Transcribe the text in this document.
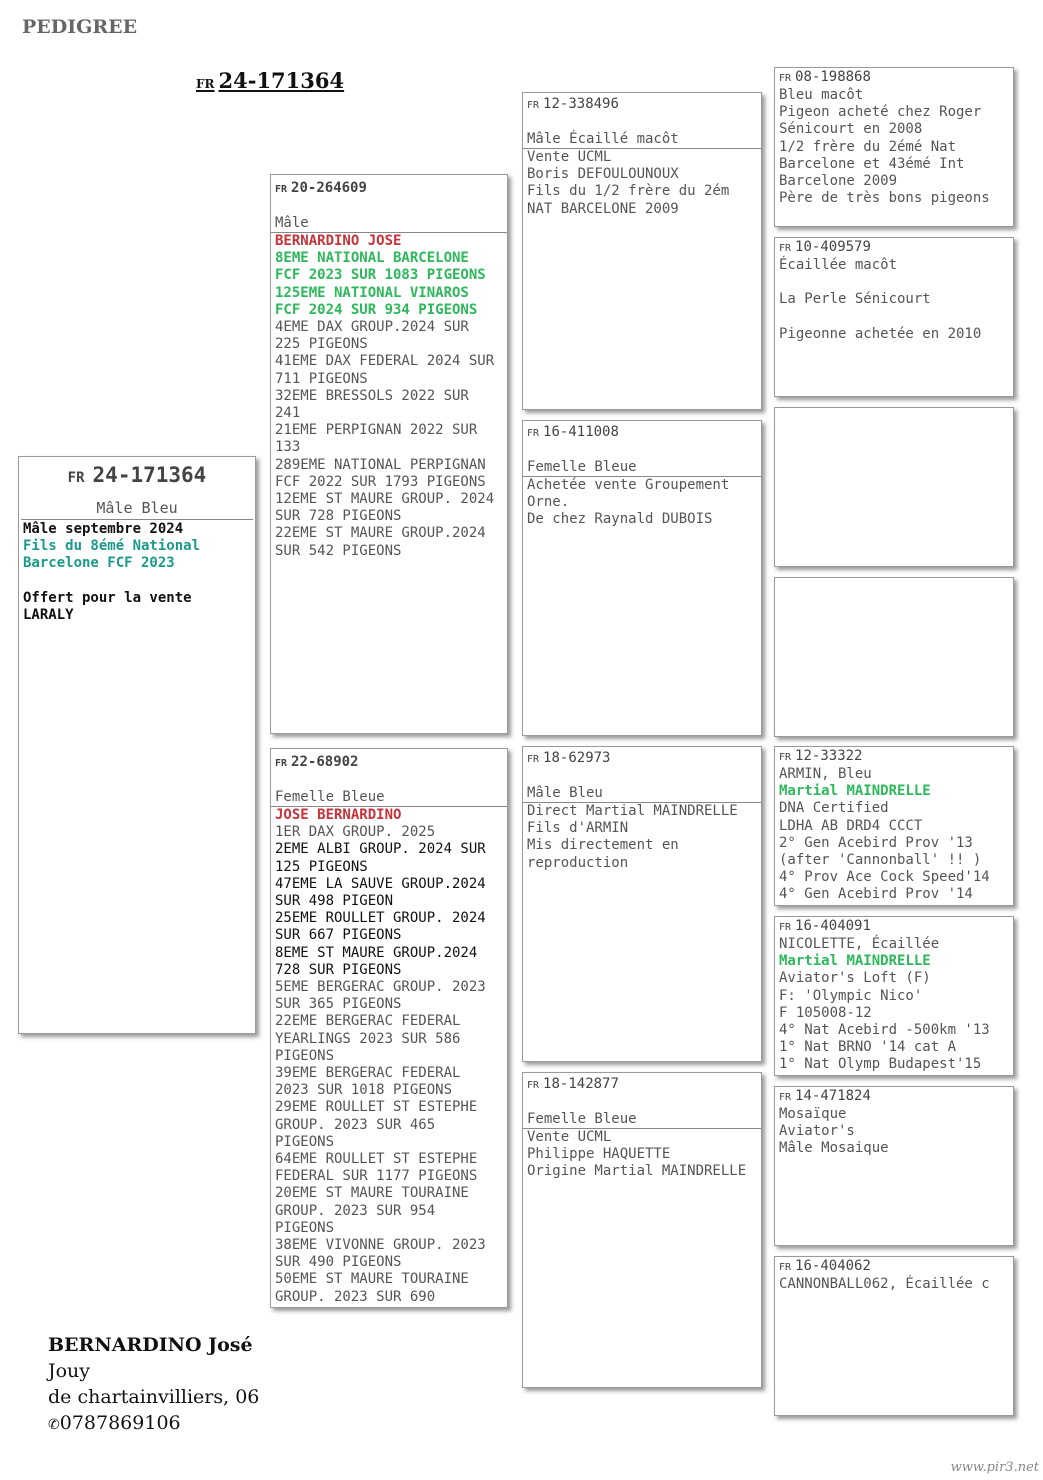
PEDIGREE
FR 24-171364
FR 24-171364
Mâle Bleu
Mâle septembre 2024
Fils du 8émé National
Barcelone FCF 2023

Offert pour la vente
LARALY
FR 20-264609
Mâle
BERNARDINO JOSE
8EME NATIONAL BARCELONE
FCF 2023 SUR 1083 PIGEONS
125EME NATIONAL VINAROS
FCF 2024 SUR 934 PIGEONS
4EME DAX GROUP.2024 SUR
225 PIGEONS
41EME DAX FEDERAL 2024 SUR
711 PIGEONS
32EME BRESSOLS 2022 SUR
241
21EME PERPIGNAN 2022 SUR
133
289EME NATIONAL PERPIGNAN
FCF 2022 SUR 1793 PIGEONS
12EME ST MAURE GROUP. 2024
SUR 728 PIGEONS
22EME ST MAURE GROUP.2024
SUR 542 PIGEONS
FR 22-68902
Femelle Bleue
JOSE BERNARDINO
1ER DAX GROUP. 2025
2EME ALBI GROUP. 2024 SUR
125 PIGEONS
47EME LA SAUVE GROUP.2024
SUR 498 PIGEON
25EME ROULLET GROUP. 2024
SUR 667 PIGEONS
8EME ST MAURE GROUP.2024
728 SUR PIGEONS
5EME BERGERAC GROUP. 2023
SUR 365 PIGEONS
22EME BERGERAC FEDERAL
YEARLINGS 2023 SUR 586
PIGEONS
39EME BERGERAC FEDERAL
2023 SUR 1018 PIGEONS
29EME ROULLET ST ESTEPHE
GROUP. 2023 SUR 465
PIGEONS
64EME ROULLET ST ESTEPHE
FEDERAL SUR 1177 PIGEONS
20EME ST MAURE TOURAINE
GROUP. 2023 SUR 954
PIGEONS
38EME VIVONNE GROUP. 2023
SUR 490 PIGEONS
50EME ST MAURE TOURAINE
GROUP. 2023 SUR 690
FR 12-338496
Mâle Écaillé macôt
Vente UCML
Boris DEFOULOUNOUX
Fils du 1/2 frère du 2ém
NAT BARCELONE 2009
FR 16-411008
Femelle Bleue
Achetée vente Groupement
Orne.
De chez Raynald DUBOIS
FR 18-62973
Mâle Bleu
Direct Martial MAINDRELLE
Fils d'ARMIN
Mis directement en
reproduction
FR 18-142877
Femelle Bleue
Vente UCML
Philippe HAQUETTE
Origine Martial MAINDRELLE
FR 08-198868
Bleu macôt
Pigeon acheté chez Roger
Sénicourt en 2008
1/2 frère du 2émé Nat
Barcelone et 43émé Int
Barcelone 2009
Père de très bons pigeons
FR 10-409579
Écaillée macôt

La Perle Sénicourt

Pigeonne achetée en 2010
FR 12-33322
ARMIN, Bleu
Martial MAINDRELLE
DNA Certified
LDHA AB DRD4 CCCT
2° Gen Acebird Prov '13
(after 'Cannonball' !! )
4° Prov Ace Cock Speed'14
4° Gen Acebird Prov '14
FR 16-404091
NICOLETTE, Écaillée
Martial MAINDRELLE
Aviator's Loft (F)
F: 'Olympic Nico'
F 105008-12
4° Nat Acebird -500km '13
1° Nat BRNO '14 cat A
1° Nat Olymp Budapest'15
FR 14-471824
Mosaïque
Aviator's
Mâle Mosaique
FR 16-404062
CANNONBALL062, Écaillée c
BERNARDINO José
Jouy
de chartainvilliers, 06
✆0787869106
www.pir3.net
